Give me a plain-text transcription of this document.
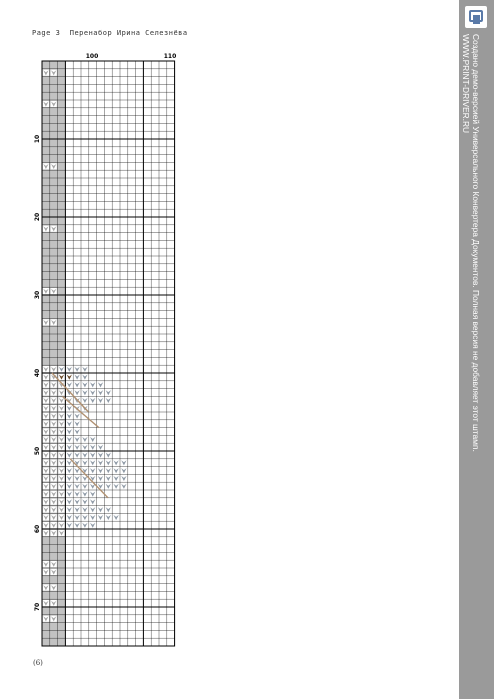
Page 3 Перенабор Ирина Селезнёва
100	110
10
20
30
40
50
60
70
(6)
Создано демо-версией Универсального Конвертера Документов. Полная версия не добавляет этот штамп.
WWW.PRINT-DRIVER.RU
